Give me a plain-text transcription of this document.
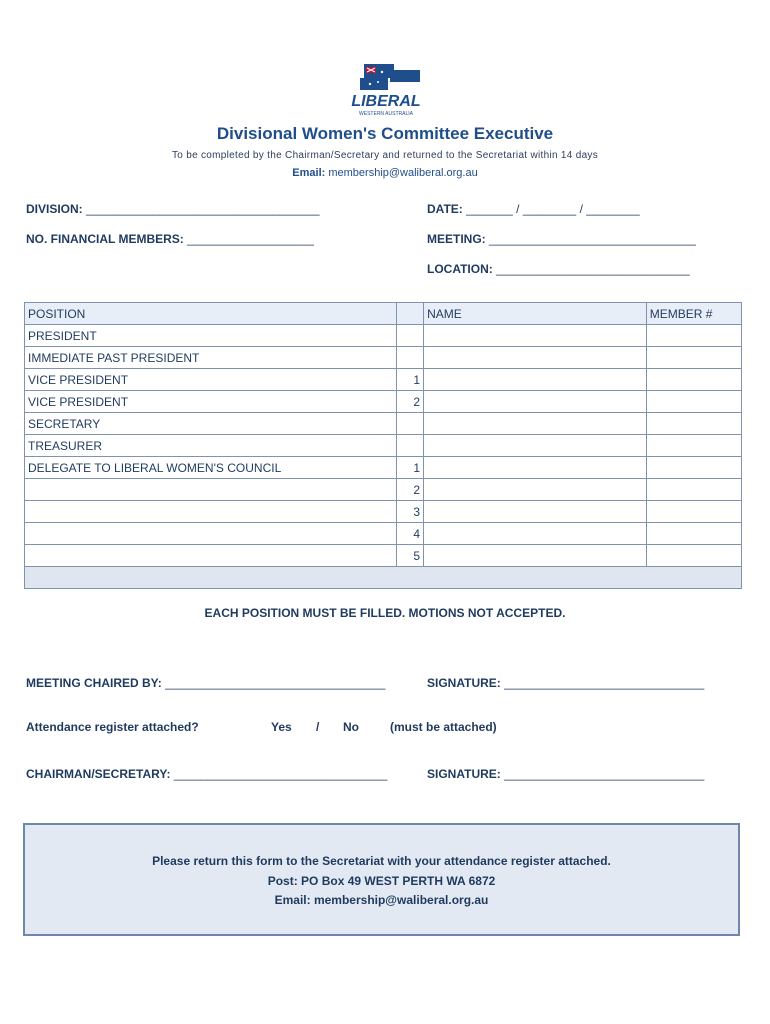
LIBERAL
WESTERN AUSTRALIA
Divisional Women's Committee Executive
To be completed by the Chairman/Secretary and returned to the Secretariat within 14 days
Email: membership@waliberal.org.au
DIVISION: ___________________________________	DATE: _______ / ________ / ________
NO. FINANCIAL MEMBERS: ___________________	MEETING: _______________________________
LOCATION: _____________________________
POSITION		NAME	MEMBER #
PRESIDENT			
IMMEDIATE PAST PRESIDENT			
VICE PRESIDENT	1		
VICE PRESIDENT	2		
SECRETARY			
TREASURER			
DELEGATE TO LIBERAL WOMEN'S COUNCIL	1		
	2		
	3		
	4		
	5		

EACH POSITION MUST BE FILLED. MOTIONS NOT ACCEPTED.
MEETING CHAIRED BY: _________________________________	SIGNATURE: ______________________________
Attendance register attached?	Yes / No	(must be attached)
CHAIRMAN/SECRETARY: ________________________________	SIGNATURE: ______________________________
Please return this form to the Secretariat with your attendance register attached.
Post: PO Box 49 WEST PERTH WA 6872
Email: membership@waliberal.org.au
